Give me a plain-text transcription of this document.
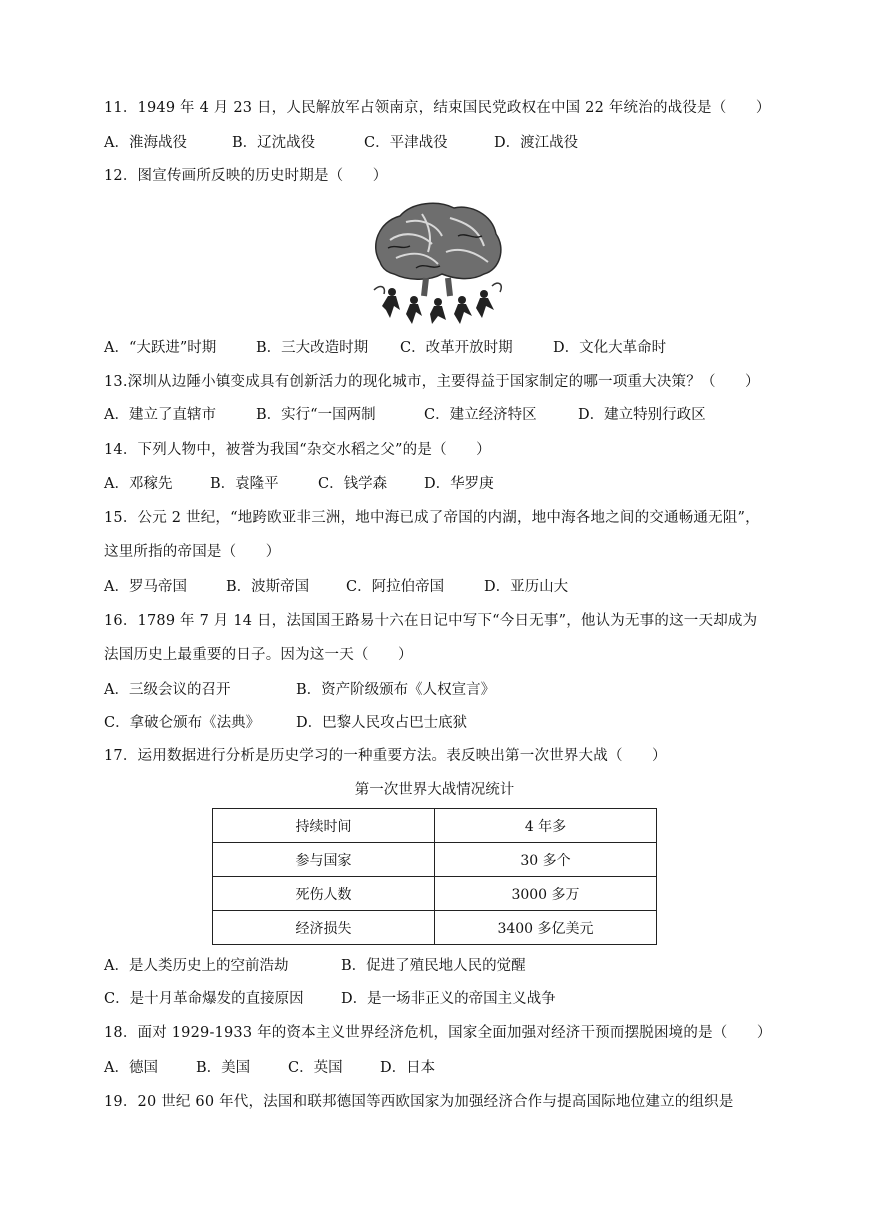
11．1949 年 4 月 23 日，人民解放军占领南京，结束国民党政权在中国 22 年统治的战役是（　　）
A．淮海战役	B．辽沈战役	C．平津战役	D．渡江战役
12．图宣传画所反映的历史时期是（　　）
A．“大跃进”时期	B．三大改造时期 C．改革开放时期	D．文化大革命时
13.深圳从边陲小镇变成具有创新活力的现化城市，主要得益于国家制定的哪一项重大决策？（　　）
A．建立了直辖市	B．实行“一国两制	C．建立经济特区	D．建立特别行政区
14．下列人物中，被誉为我国“杂交水稻之父”的是（　　）
A．邓稼先	B．袁隆平	C．钱学森	D．华罗庚
15．公元 2 世纪，“地跨欧亚非三洲，地中海已成了帝国的内湖，地中海各地之间的交通畅通无阻”，
这里所指的帝国是（　　）
A．罗马帝国	B．波斯帝国	C．阿拉伯帝国	D．亚历山大
16．1789 年 7 月 14 日，法国国王路易十六在日记中写下“今日无事”，他认为无事的这一天却成为
法国历史上最重要的日子。因为这一天（　　）
A．三级会议的召开	B．资产阶级颁布《人权宣言》
C．拿破仑颁布《法典》 D．巴黎人民攻占巴士底狱
17．运用数据进行分析是历史学习的一种重要方法。表反映出第一次世界大战（　　）
第一次世界大战情况统计
持续时间	4 年多
参与国家	30 多个
死伤人数	3000 多万
经济损失	3400 多亿美元
A．是人类历史上的空前浩劫	B．促进了殖民地人民的觉醒
C．是十月革命爆发的直接原因	D．是一场非正义的帝国主义战争
18．面对 1929-1933 年的资本主义世界经济危机，国家全面加强对经济干预而摆脱困境的是（　　）
A．德国	B．美国	C．英国	D．日本
19．20 世纪 60 年代，法国和联邦德国等西欧国家为加强经济合作与提高国际地位建立的组织是
